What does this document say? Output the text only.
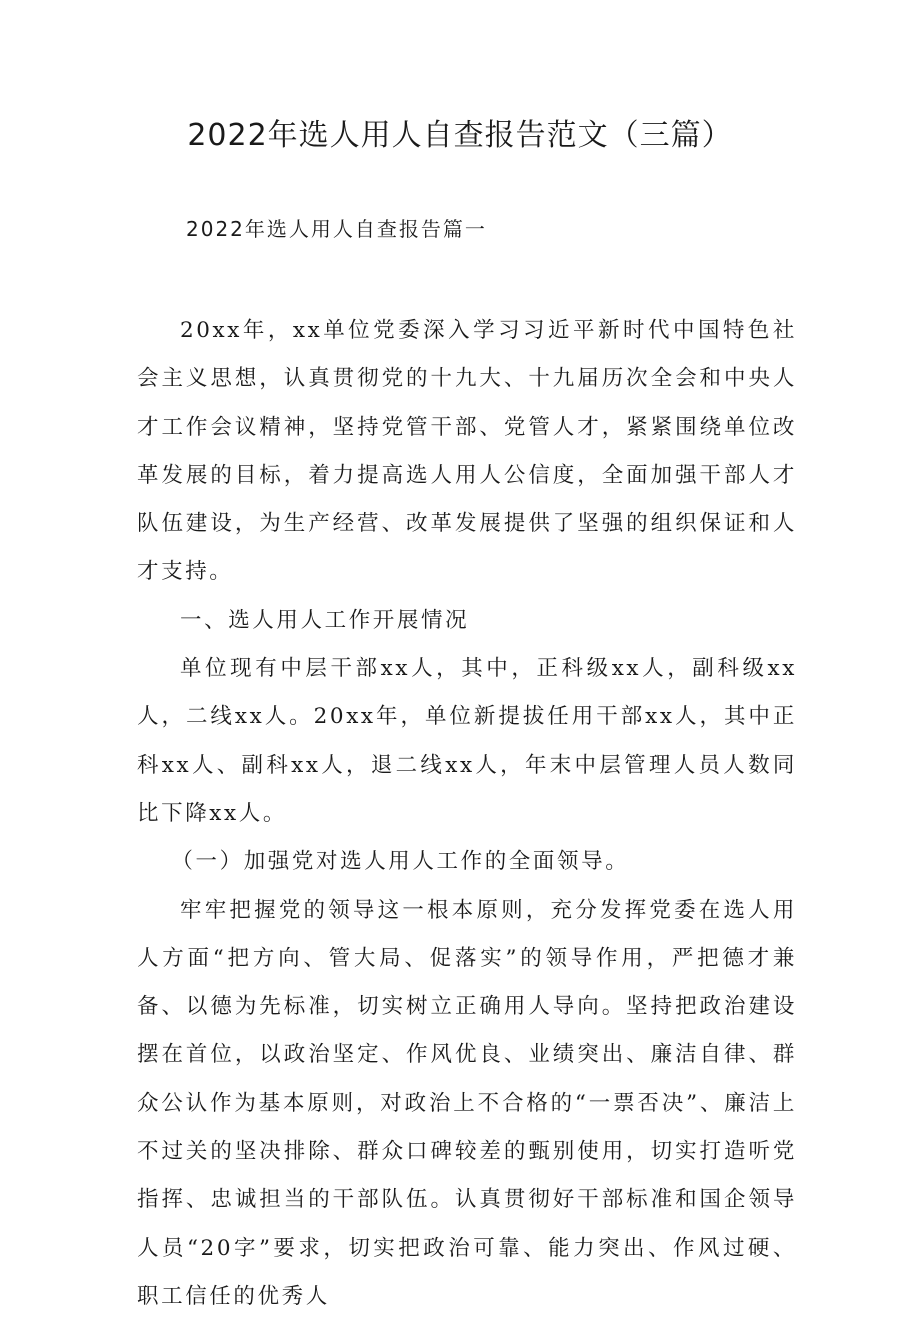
2022年选人用人自查报告范文（三篇）
2022年选人用人自查报告篇一

20xx年，xx单位党委深入学习习近平新时代中国特色社会主义思想，认真贯彻党的十九大、十九届历次全会和中央人才工作会议精神，坚持党管干部、党管人才，紧紧围绕单位改革发展的目标，着力提高选人用人公信度，全面加强干部人才队伍建设，为生产经营、改革发展提供了坚强的组织保证和人才支持。

一、选人用人工作开展情况

单位现有中层干部xx人，其中，正科级xx人，副科级xx人，二线xx人。20xx年，单位新提拔任用干部xx人，其中正科xx人、副科xx人，退二线xx人，年末中层管理人员人数同比下降xx人。

（一）加强党对选人用人工作的全面领导。

牢牢把握党的领导这一根本原则，充分发挥党委在选人用人方面“把方向、管大局、促落实”的领导作用，严把德才兼备、以德为先标准，切实树立正确用人导向。坚持把政治建设摆在首位，以政治坚定、作风优良、业绩突出、廉洁自律、群众公认作为基本原则，对政治上不合格的“一票否决”、廉洁上不过关的坚决排除、群众口碑较差的甄别使用，切实打造听党指挥、忠诚担当的干部队伍。认真贯彻好干部标准和国企领导人员“20字”要求，切实把政治可靠、能力突出、作风过硬、职工信任的优秀人
